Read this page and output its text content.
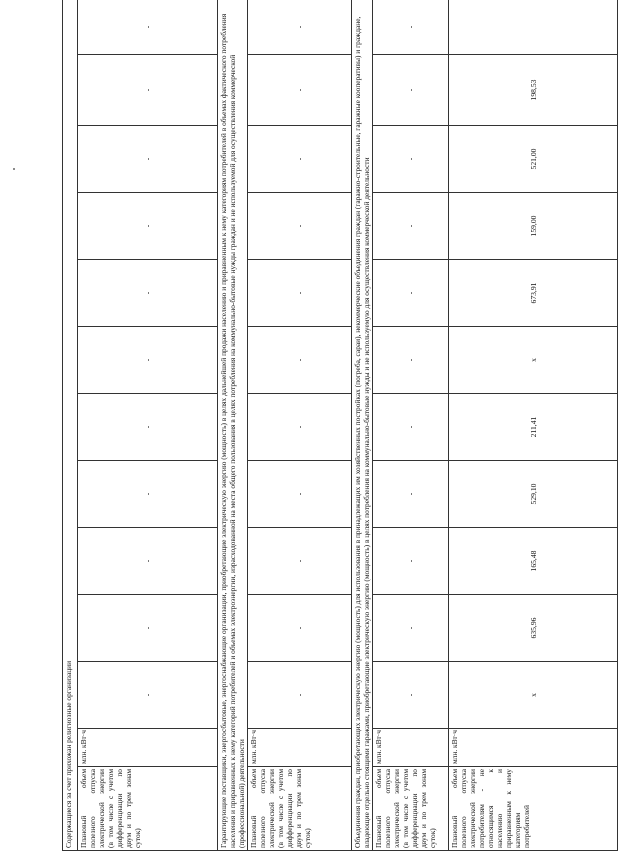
Содержащиеся за счет прихожан религиозные организации												
Плановый объем полезного отпуска электрической энергии (в том числе с учетом дифференциации по двум и по трем зонам суток)	млн. кВт·ч	-	-	-	-	-	-	-	-	-	-	-
Гарантирующие поставщики, энергосбытовые, энергоснабжающие организации, приобретающие электрическую энергию (мощность) в целях дальнейшей продажи населению и приравненным к нему категориям потребителей в объемах фактического потребления населения и приравненных к нему категорий потребителей и объемах электроэнергии, израсходованной на места общего пользования в целях потребления на коммунально-бытовые нужды граждан и не используемой для осуществления коммерческой (профессиональной) деятельности												
Плановый объем полезного отпуска электрической энергии (в том числе с учетом дифференциации по двум и по трем зонам суток)	млн. кВт·ч	-	-	-	-	-	-	-	-	-	-	-
Объединения граждан, приобретающих электрическую энергию (мощность) для использования в принадлежащих им хозяйственных постройках (погреба, сараи), некоммерческие объединения граждан (гаражно-строительные, гаражные кооперативы) и граждане, владеющие отдельно стоящими гаражами, приобретающие электрическую энергию (мощность) в целях потребления на коммунально-бытовые нужды и не используемую для осуществления коммерческой деятельности												
Плановый объем полезного отпуска электрической энергии (в том числе с учетом дифференциации по двум и по трем зонам суток)	млн. кВт·ч	-	-	-	-	-	-	-	-	-	-	-
Плановый объем полезного отпуска электрической энергии потребителям - не относящимся к населению и приравненным к нему категориям потребителей	млн. кВт·ч	x	635,96	165,48	529,10	211,41	x	673,91	159,00	521,00	198,53	
